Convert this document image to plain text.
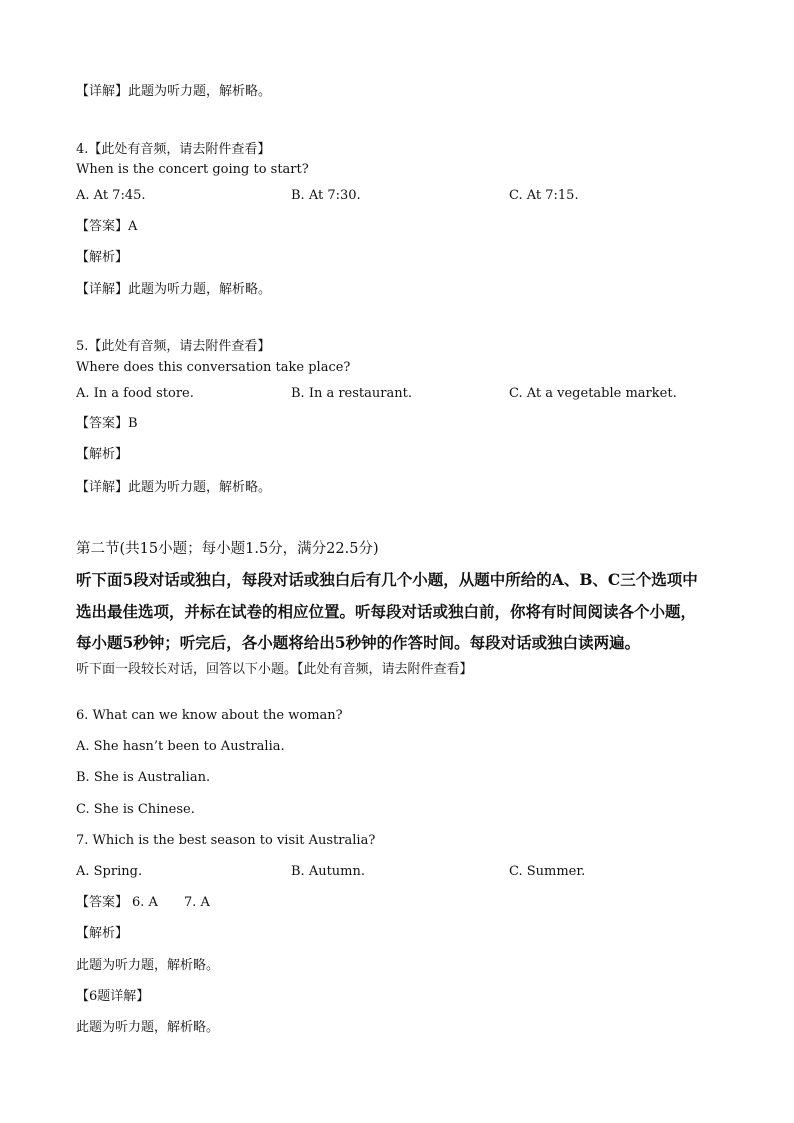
【详解】此题为听力题，解析略。
4.【此处有音频，请去附件查看】
When is the concert going to start?
A. At 7:45.	B. At 7:30.	C. At 7:15.
【答案】A
【解析】
【详解】此题为听力题，解析略。
5.【此处有音频，请去附件查看】
Where does this conversation take place?
A. In a food store.	B. In a restaurant.	C. At a vegetable market.
【答案】B
【解析】
【详解】此题为听力题，解析略。
第二节(共15小题；每小题1.5分，满分22.5分)
听下面5段对话或独白，每段对话或独白后有几个小题，从题中所给的A、B、C三个选项中
选出最佳选项，并标在试卷的相应位置。听每段对话或独白前，你将有时间阅读各个小题，
每小题5秒钟；听完后，各小题将给出5秒钟的作答时间。每段对话或独白读两遍。
听下面一段较长对话，回答以下小题。【此处有音频，请去附件查看】
6. What can we know about the woman?
A. She hasn’t been to Australia.
B. She is Australian.
C. She is Chinese.
7. Which is the best season to visit Australia?
A. Spring.	B. Autumn.	C. Summer.
【答案】 6. A 7. A
【解析】
此题为听力题，解析略。
【6题详解】
此题为听力题，解析略。
